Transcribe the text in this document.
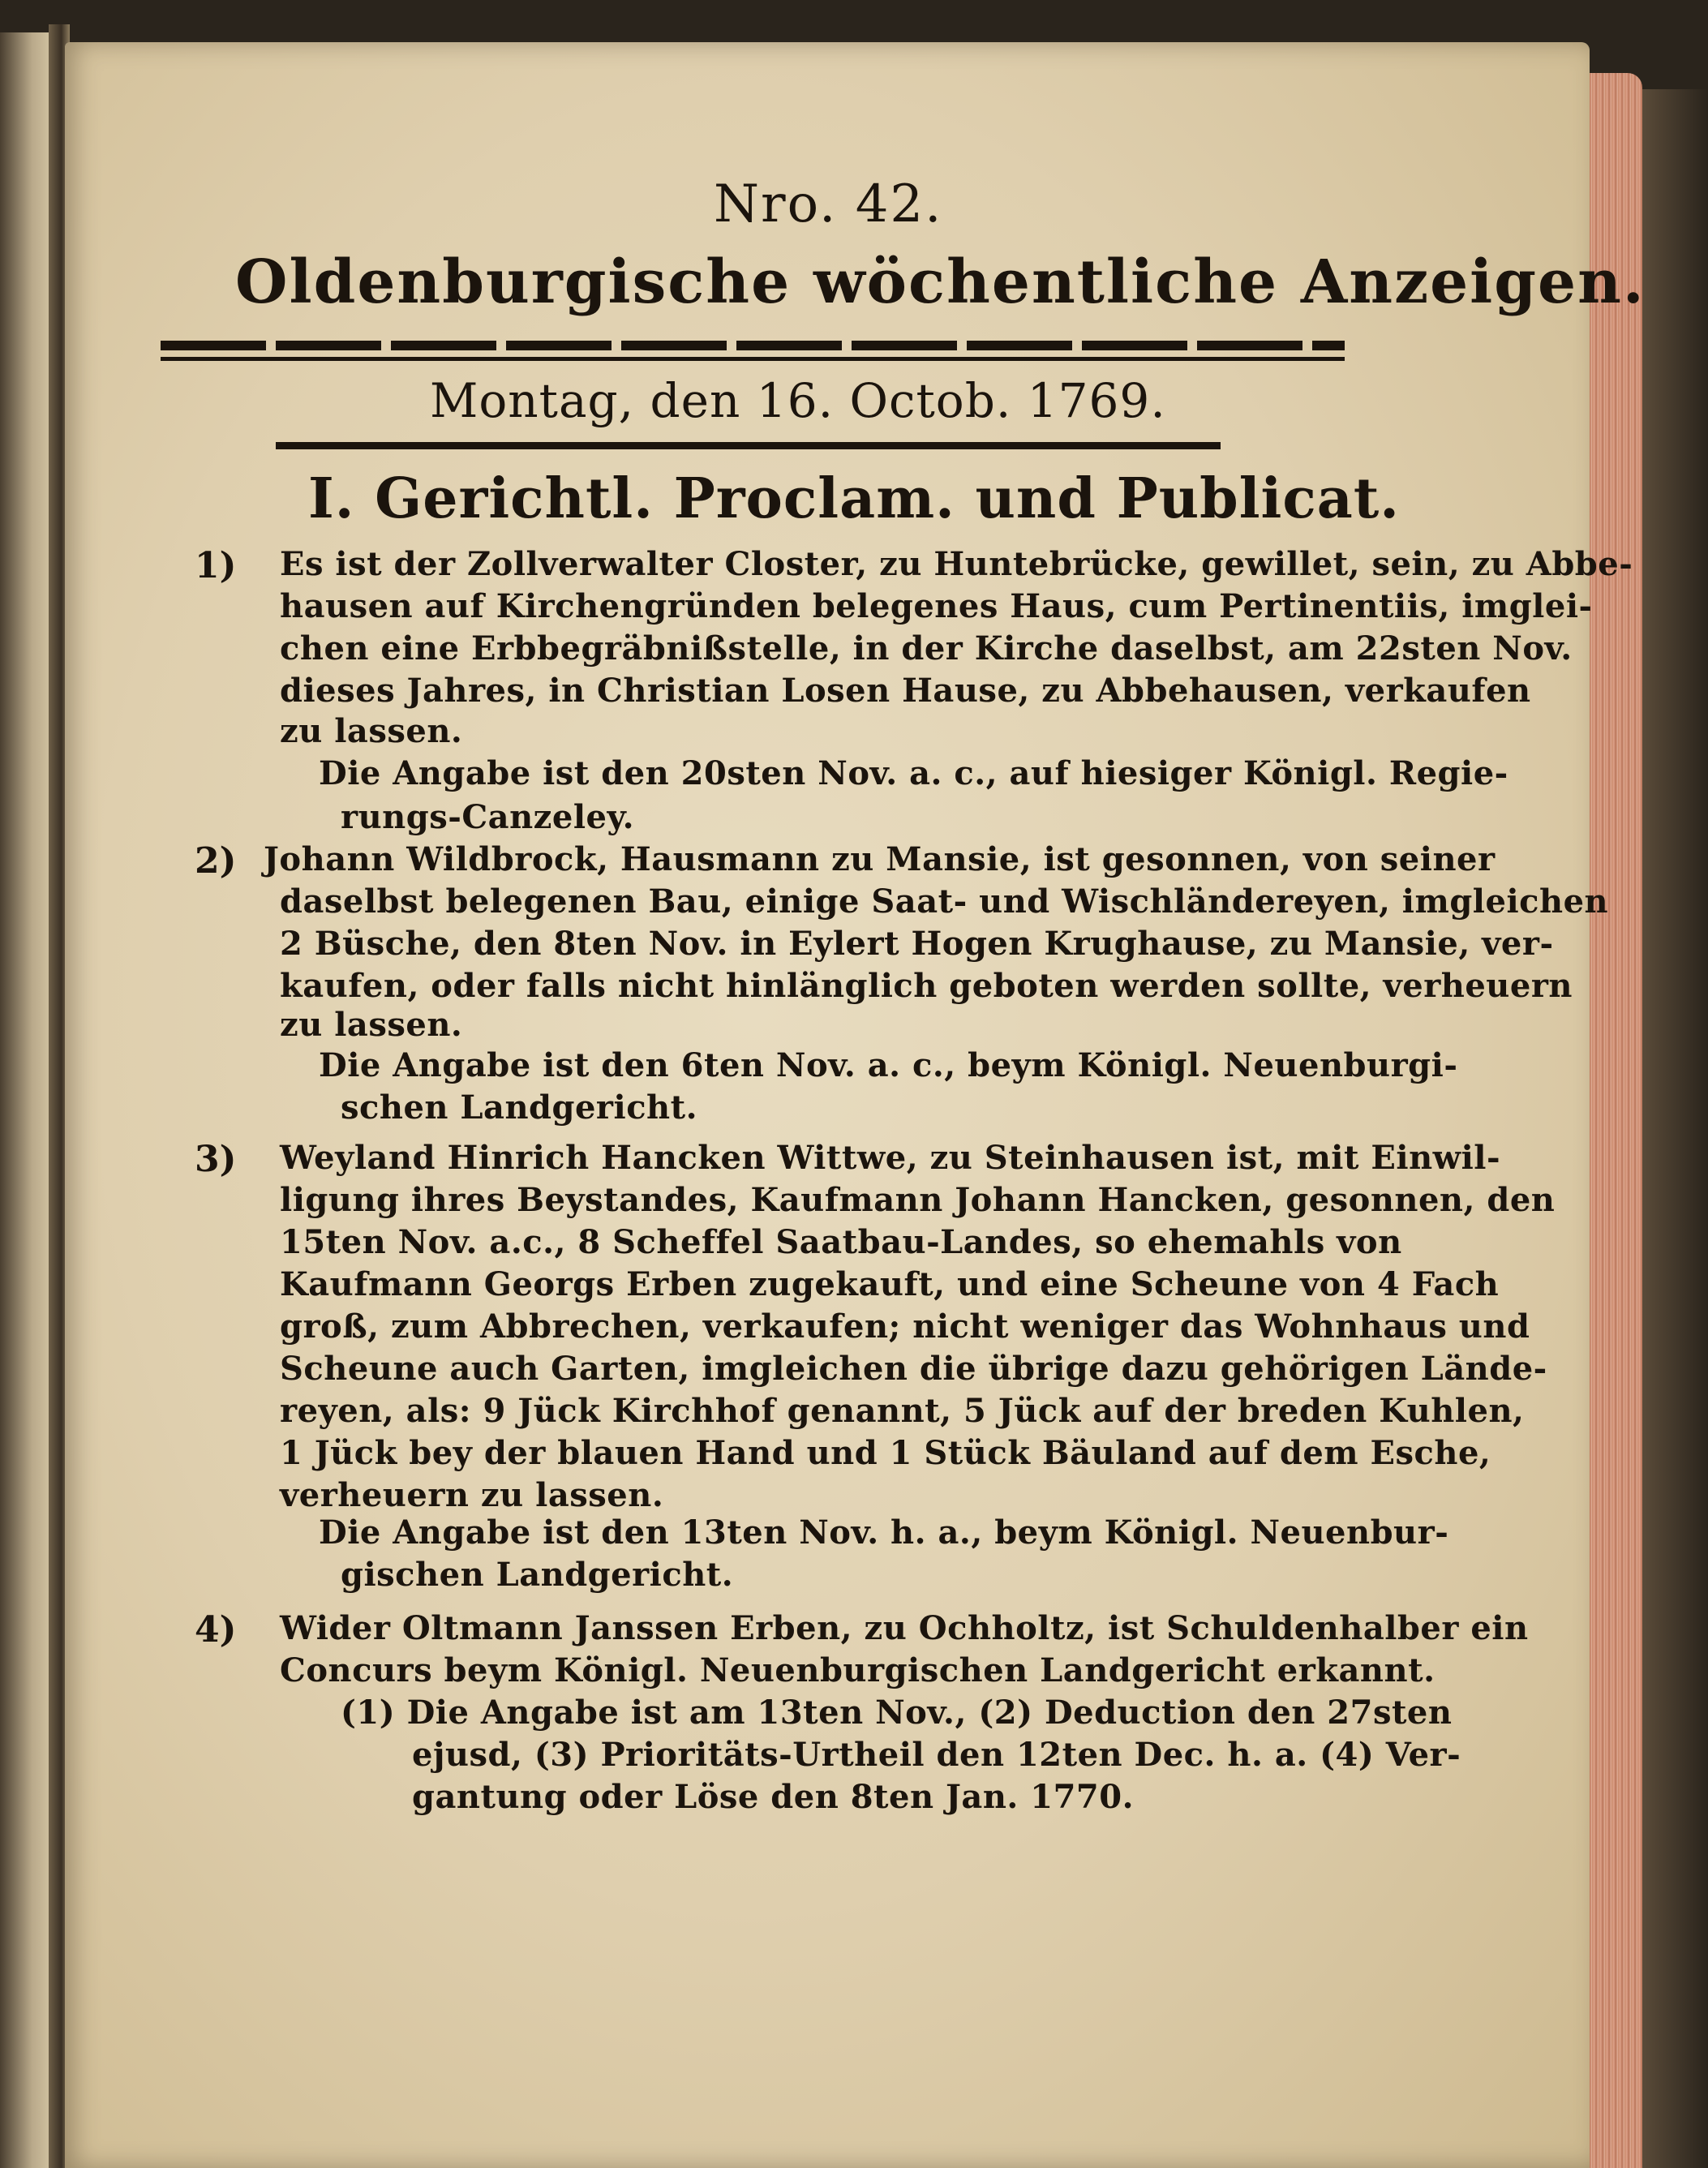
Nro. 42.
Oldenburgische wöchentliche Anzeigen.
Montag, den 16. Octob. 1769.
I. Gerichtl. Proclam. und Publicat.
1) Es ist der Zollverwalter Closter, zu Huntebrücke, gewillet, sein, zu Abbe-
hausen auf Kirchengründen belegenes Haus, cum Pertinentiis, imglei-
chen eine Erbbegräbnißstelle, in der Kirche daselbst, am 22sten Nov.
dieses Jahres, in Christian Losen Hause, zu Abbehausen, verkaufen
zu lassen.
Die Angabe ist den 20sten Nov. a. c., auf hiesiger Königl. Regie-
rungs-Canzeley.
2) Johann Wildbrock, Hausmann zu Mansie, ist gesonnen, von seiner
daselbst belegenen Bau, einige Saat- und Wischländereyen, imgleichen
2 Büsche, den 8ten Nov. in Eylert Hogen Krughause, zu Mansie, ver-
kaufen, oder falls nicht hinlänglich geboten werden sollte, verheuern
zu lassen.
Die Angabe ist den 6ten Nov. a. c., beym Königl. Neuenburgi-
schen Landgericht.
3) Weyland Hinrich Hancken Wittwe, zu Steinhausen ist, mit Einwil-
ligung ihres Beystandes, Kaufmann Johann Hancken, gesonnen, den
15ten Nov. a.c., 8 Scheffel Saatbau-Landes, so ehemahls von
Kaufmann Georgs Erben zugekauft, und eine Scheune von 4 Fach
groß, zum Abbrechen, verkaufen; nicht weniger das Wohnhaus und
Scheune auch Garten, imgleichen die übrige dazu gehörigen Lände-
reyen, als: 9 Jück Kirchhof genannt, 5 Jück auf der breden Kuhlen,
1 Jück bey der blauen Hand und 1 Stück Bäuland auf dem Esche,
verheuern zu lassen.
Die Angabe ist den 13ten Nov. h. a., beym Königl. Neuenbur-
gischen Landgericht.
4) Wider Oltmann Janssen Erben, zu Ochholtz, ist Schuldenhalber ein
Concurs beym Königl. Neuenburgischen Landgericht erkannt.
(1) Die Angabe ist am 13ten Nov., (2) Deduction den 27sten
ejusd, (3) Prioritäts-Urtheil den 12ten Dec. h. a. (4) Ver-
gantung oder Löse den 8ten Jan. 1770.
